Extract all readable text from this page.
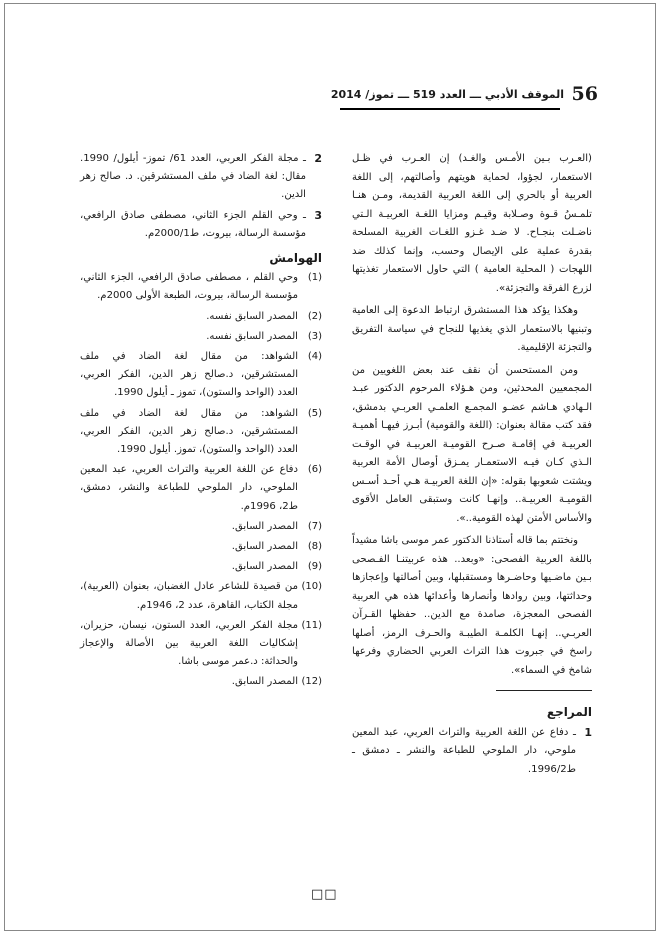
56
الموقف الأدبي ـــ العدد 519 ـــ تموز/ 2014

(العـرب بـين الأمـس والغـد) إن العـرب في ظـل الاستعمار، لجؤوا، لحماية هويتهم وأصالتهم، إلى اللغة العربية أو بالحري إلى اللغة العربية القديمة، ومـن هنـا تلمـسُ قـوة وصـلابة وقيـم ومزايا اللغـة العربيـة الـتي ناضـلت بنجـاح. لا ضـد غـزو اللغـات الغربية المسلحة بقدرة عملية على الإيصال وحسب، وإنما كذلك ضد اللهجات ( المحلية العامية ) التي حاول الاستعمار تغذيتها لزرع الفرقة والتجزئة».

وهكذا يؤكد هذا المستشرق ارتباط الدعوة إلى العامية وتبنيها بالاستعمار الذي يغذيها للنجاح في سياسة التفريق والتجزئة الإقليمية.

ومن المستحسن أن نقف عند بعض اللغويين من المجمعيين المحدثين، ومن هـؤلاء المرحوم الدكتور عبـد الـهادي هـاشم عضـو المجمـع العلمـي العربـي بدمشق، فقد كتب مقالة بعنوان: (اللغة والقومية) أبـرز فيهـا أهميـة العربيـة في إقامـة صـرح القوميـة العربيـة في الوقـت الـذي كـان فيـه الاستعمـار يمـزق أوصال الأمة العربية ويشتت شعوبها بقوله: «إن اللغة العربيـة هـي أحـد أسـس القوميـة العربيـة.. وإنهـا كانت وستبقى العامل الأقوى والأساس الأمتن لهذه القومية..».

ونختتم بما قاله أستاذنا الدكتور عمر موسى باشا مشيداً باللغة العربية الفصحى: «وبعد.. هذه عربيتنـا الفـصحى بـين ماضـيها وحاضـرها ومستقبلها، وبين أصالتها وإعجازها وحداثتها، وبين روادها وأنصارها وأعدائها هذه هي العربية الفصحى المعجزة، صامدة مع الدين.. حفظها القـرآن العربـي.. إنهـا الكلمـة الطيبـة والحـرف الرمز، أصلها راسخ في جبروت هذا التراث العربي الحضاري وفرعها شامخ في السماء».

المراجع
1
ـ دفاع عن اللغة العربية والتراث العربي، عبد المعين ملوحي، دار الملوحي للطباعة والنشر ـ دمشق ـ ط1996/2.
2
ـ مجلة الفكر العربي، العدد 61/ تموز- أيلول/ 1990. مقال: لغة الضاد في ملف المستشرقين. د. صالح زهر الدين.
3
ـ وحي القلم الجزء الثاني، مصطفى صادق الرافعي، مؤسسة الرسالة، بيروت، ط2000/1م.
الهوامش
(1)
وحي القلم ، مصطفى صادق الرافعي، الجزء الثاني، مؤسسة الرسالة، بيروت، الطبعة الأولى 2000م.
(2)
المصدر السابق نفسه.
(3)
المصدر السابق نفسه.
(4)
الشواهد: من مقال لغة الضاد في ملف المستشرقين، د.صالح زهر الدين، الفكر العربي، العدد (الواحد والستون)، تموز ـ أيلول 1990.
(5)
الشواهد: من مقال لغة الضاد في ملف المستشرقين، د.صالح زهر الدين، الفكر العربي، العدد (الواحد والستون)، تموز. أيلول 1990.
(6)
دفاع عن اللغة العربية والتراث العربي، عبد المعين الملوحي، دار الملوحي للطباعة والنشر، دمشق، ط2، 1996م.
(7)
المصدر السابق.
(8)
المصدر السابق.
(9)
المصدر السابق.
(10)
من قصيدة للشاعر عادل الغضبان، بعنوان (العربية)، مجلة الكتاب، القاهرة، عدد 2، 1946م.
(11)
مجلة الفكر العربي، العدد الستون، نيسان، حزيران، إشكاليات اللغة العربية بين الأصالة والإعجاز والحداثة: د.عمر موسى باشا.
(12)
المصدر السابق.
□□
